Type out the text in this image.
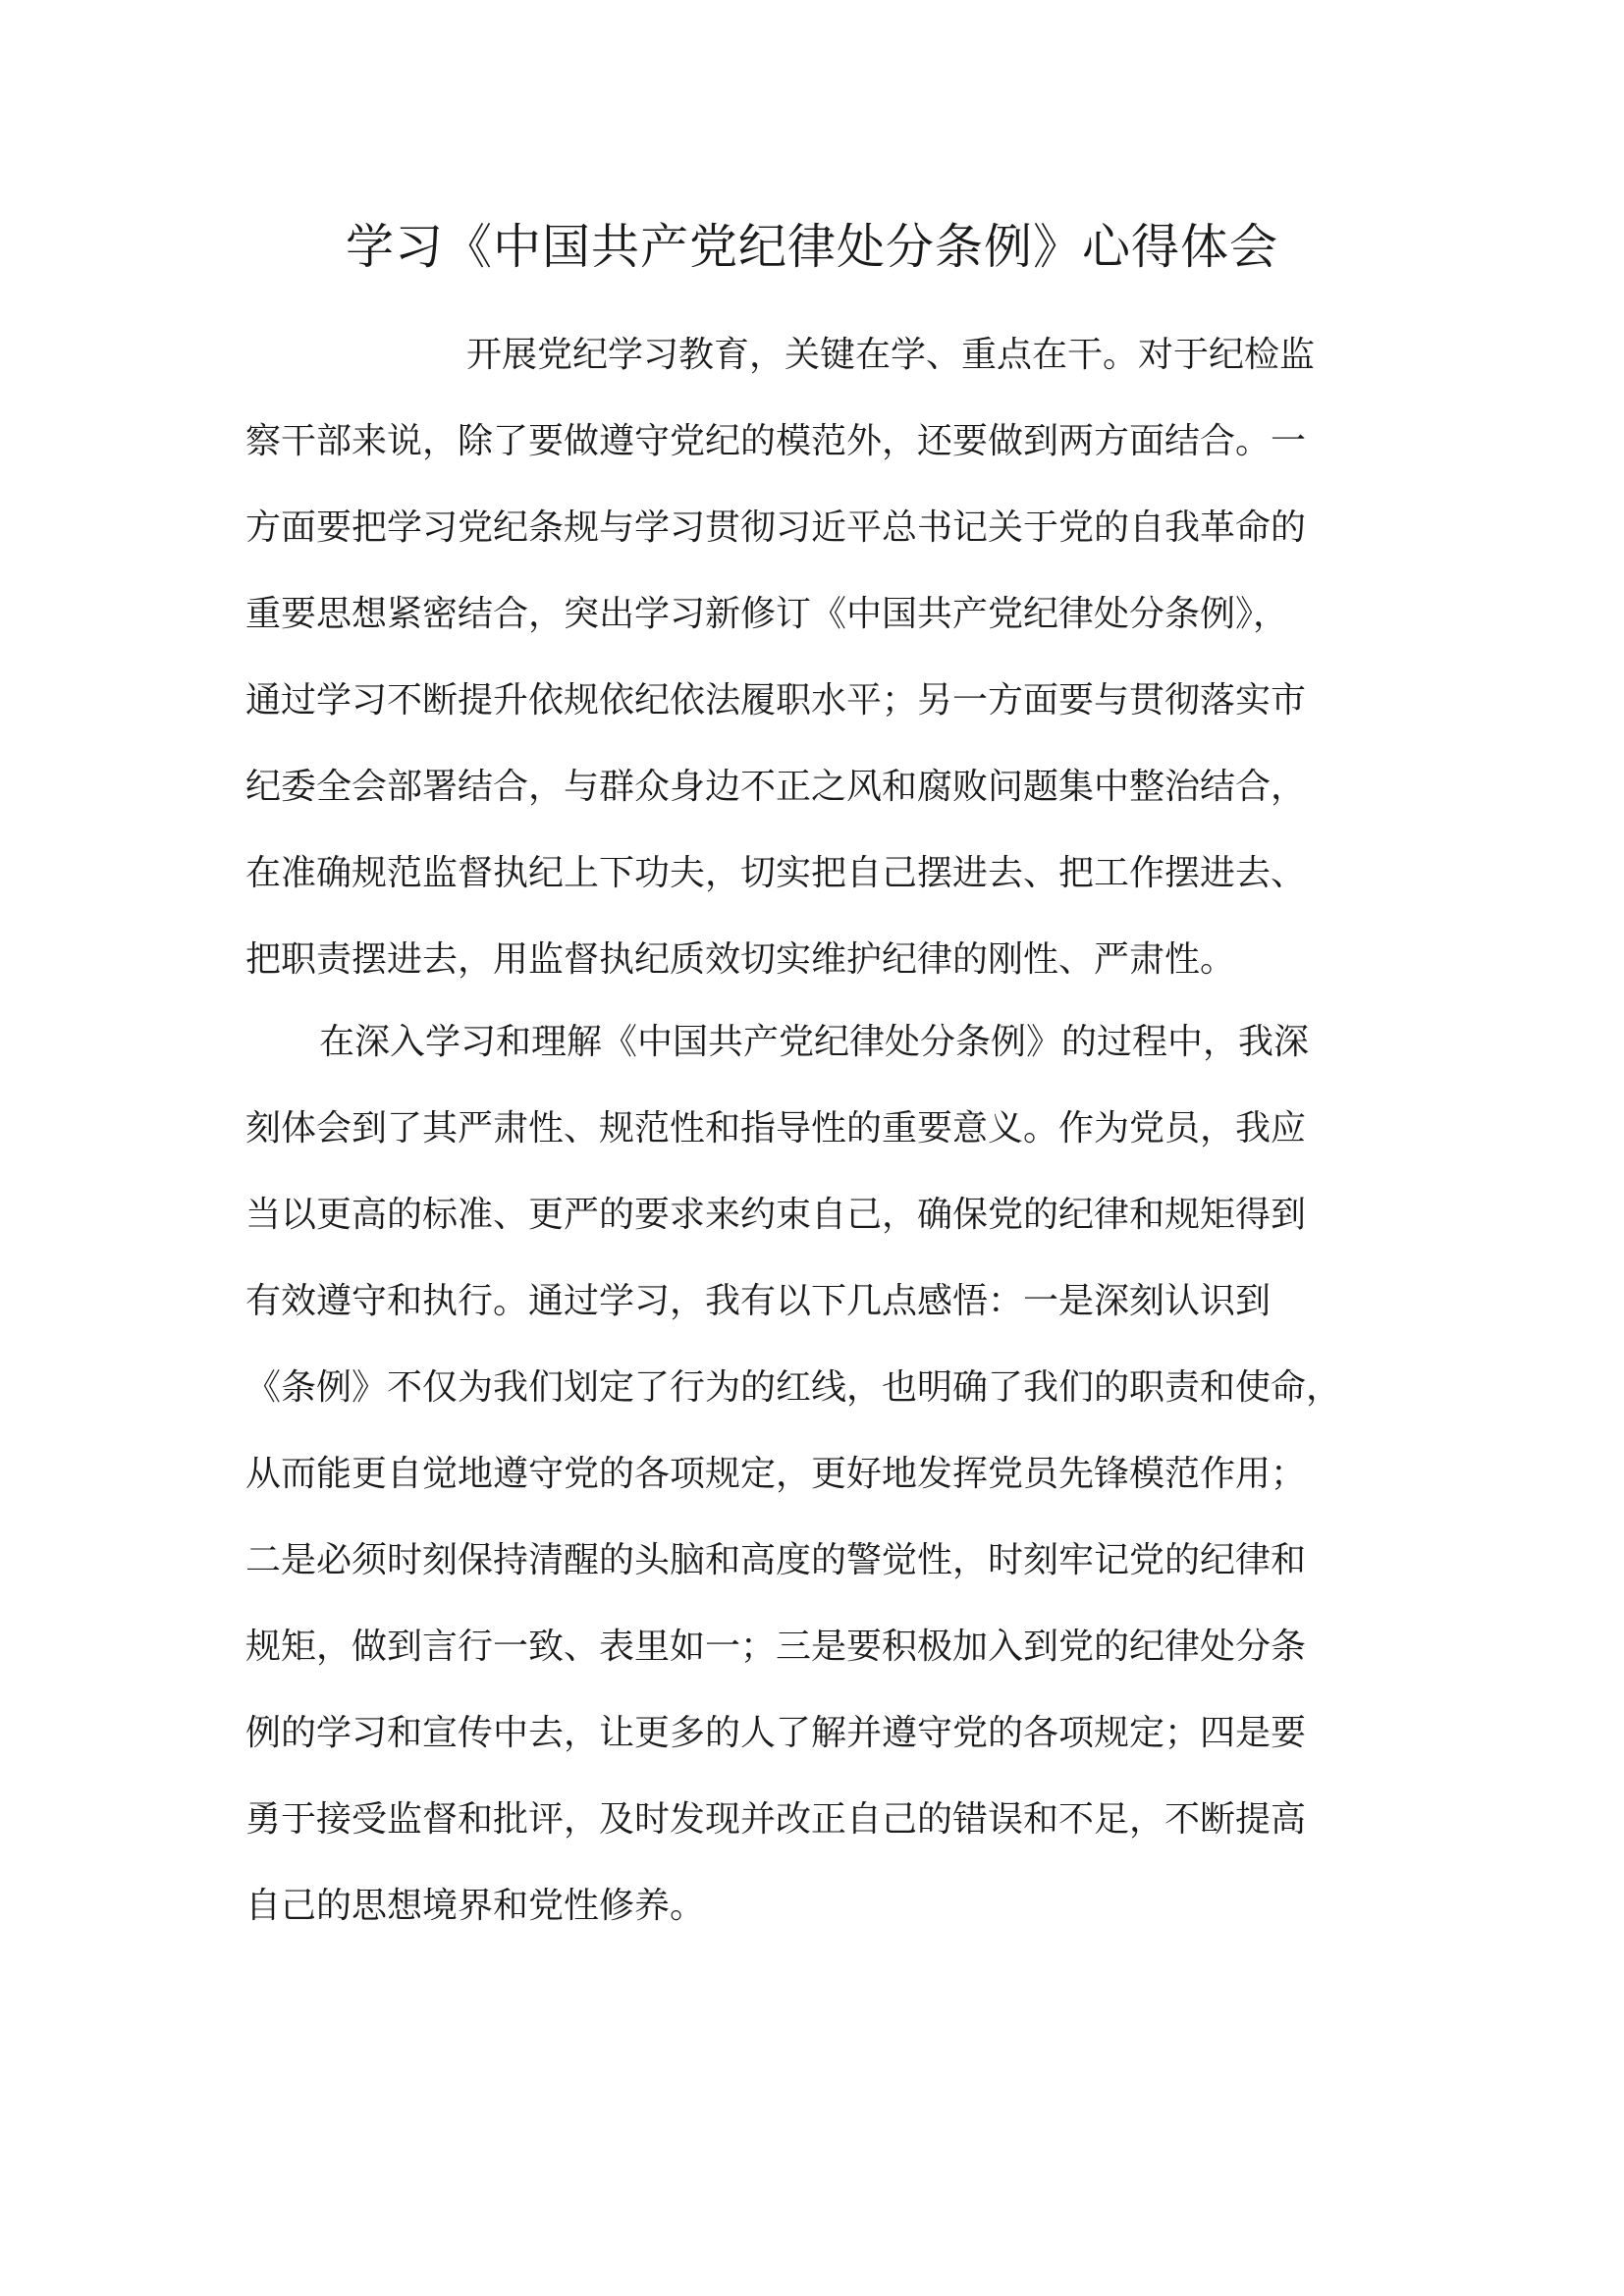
学习《中国共产党纪律处分条例》心得体会
开展党纪学习教育，关键在学、重点在干。对于纪检监
察干部来说，除了要做遵守党纪的模范外，还要做到两方面结合。一
方面要把学习党纪条规与学习贯彻习近平总书记关于党的自我革命的
重要思想紧密结合，突出学习新修订《中国共产党纪律处分条例》，
通过学习不断提升依规依纪依法履职水平；另一方面要与贯彻落实市
纪委全会部署结合，与群众身边不正之风和腐败问题集中整治结合，
在准确规范监督执纪上下功夫，切实把自己摆进去、把工作摆进去、
把职责摆进去，用监督执纪质效切实维护纪律的刚性、严肃性。
在深入学习和理解《中国共产党纪律处分条例》的过程中，我深
刻体会到了其严肃性、规范性和指导性的重要意义。作为党员，我应
当以更高的标准、更严的要求来约束自己，确保党的纪律和规矩得到
有效遵守和执行。通过学习，我有以下几点感悟：一是深刻认识到
《条例》不仅为我们划定了行为的红线，也明确了我们的职责和使命，
从而能更自觉地遵守党的各项规定，更好地发挥党员先锋模范作用；
二是必须时刻保持清醒的头脑和高度的警觉性，时刻牢记党的纪律和
规矩，做到言行一致、表里如一；三是要积极加入到党的纪律处分条
例的学习和宣传中去，让更多的人了解并遵守党的各项规定；四是要
勇于接受监督和批评，及时发现并改正自己的错误和不足，不断提高
自己的思想境界和党性修养。
